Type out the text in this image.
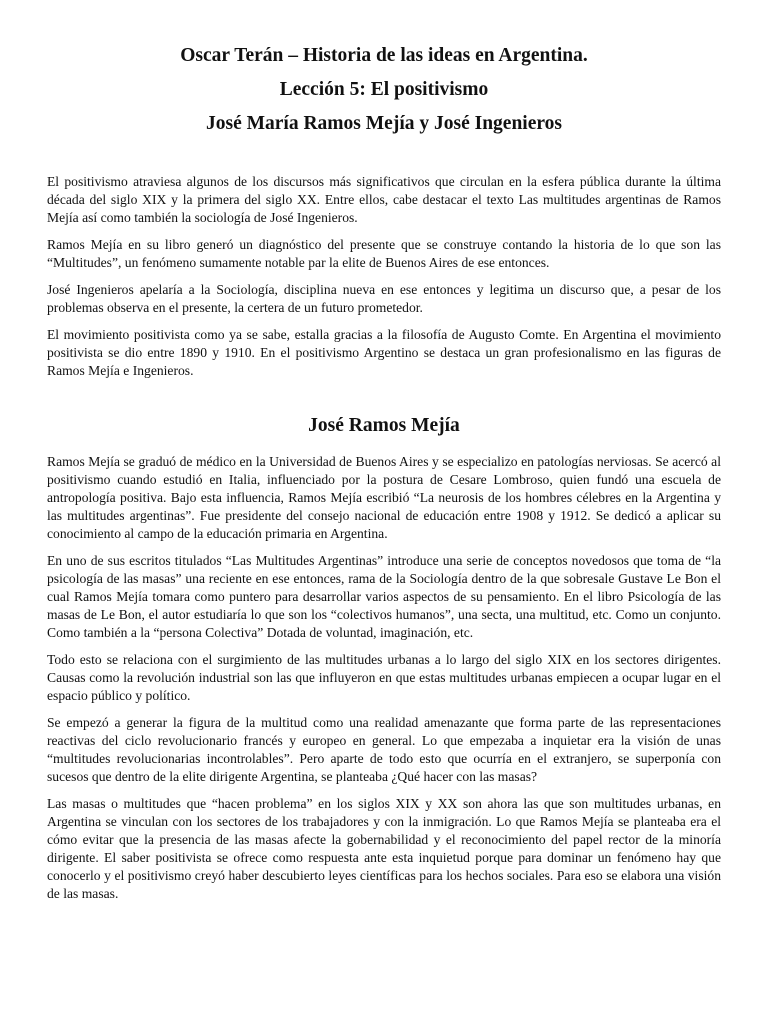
Oscar Terán – Historia de las ideas en Argentina.
Lección 5: El positivismo
José María Ramos Mejía y José Ingenieros

El positivismo atraviesa algunos de los discursos más significativos que circulan en la esfera pública durante la última década del siglo XIX y la primera del siglo XX. Entre ellos, cabe destacar el texto Las multitudes argentinas de Ramos Mejía así como también la sociología de José Ingenieros.

Ramos Mejía en su libro generó un diagnóstico del presente que se construye contando la historia de lo que son las “Multitudes”, un fenómeno sumamente notable par la elite de Buenos Aires de ese entonces.

José Ingenieros apelaría a la Sociología, disciplina nueva en ese entonces y legitima un discurso que, a pesar de los problemas observa en el presente, la certera de un futuro prometedor.

El movimiento positivista como ya se sabe, estalla gracias a la filosofía de Augusto Comte. En Argentina el movimiento positivista se dio entre 1890 y 1910. En el positivismo Argentino se destaca un gran profesionalismo en las figuras de Ramos Mejía e Ingenieros.

José Ramos Mejía

Ramos Mejía se graduó de médico en la Universidad de Buenos Aires y se especializo en patologías nerviosas. Se acercó al positivismo cuando estudió en Italia, influenciado por la postura de Cesare Lombroso, quien fundó una escuela de antropología positiva. Bajo esta influencia, Ramos Mejía escribió “La neurosis de los hombres célebres en la Argentina y las multitudes argentinas”. Fue presidente del consejo nacional de educación entre 1908 y 1912. Se dedicó a aplicar su conocimiento al campo de la educación primaria en Argentina.

En uno de sus escritos titulados “Las Multitudes Argentinas” introduce una serie de conceptos novedosos que toma de “la psicología de las masas” una reciente en ese entonces, rama de la Sociología dentro de la que sobresale Gustave Le Bon el cual Ramos Mejía tomara como puntero para desarrollar varios aspectos de su pensamiento. En el libro Psicología de las masas de Le Bon, el autor estudiaría lo que son los “colectivos humanos”, una secta, una multitud, etc. Como un conjunto. Como también a la “persona Colectiva” Dotada de voluntad, imaginación, etc.

Todo esto se relaciona con el surgimiento de las multitudes urbanas a lo largo del siglo XIX en los sectores dirigentes. Causas como la revolución industrial son las que influyeron en que estas multitudes urbanas empiecen a ocupar lugar en el espacio público y político.

Se empezó a generar la figura de la multitud como una realidad amenazante que forma parte de las representaciones reactivas del ciclo revolucionario francés y europeo en general. Lo que empezaba a inquietar era la visión de unas “multitudes revolucionarias incontrolables”. Pero aparte de todo esto que ocurría en el extranjero, se superponía con sucesos que dentro de la elite dirigente Argentina, se planteaba ¿Qué hacer con las masas?

Las masas o multitudes que “hacen problema” en los siglos XIX y XX son ahora las que son multitudes urbanas, en Argentina se vinculan con los sectores de los trabajadores y con la inmigración. Lo que Ramos Mejía se planteaba era el cómo evitar que la presencia de las masas afecte la gobernabilidad y el reconocimiento del papel rector de la minoría dirigente. El saber positivista se ofrece como respuesta ante esta inquietud porque para dominar un fenómeno hay que conocerlo y el positivismo creyó haber descubierto leyes científicas para los hechos sociales. Para eso se elabora una visión de las masas.
